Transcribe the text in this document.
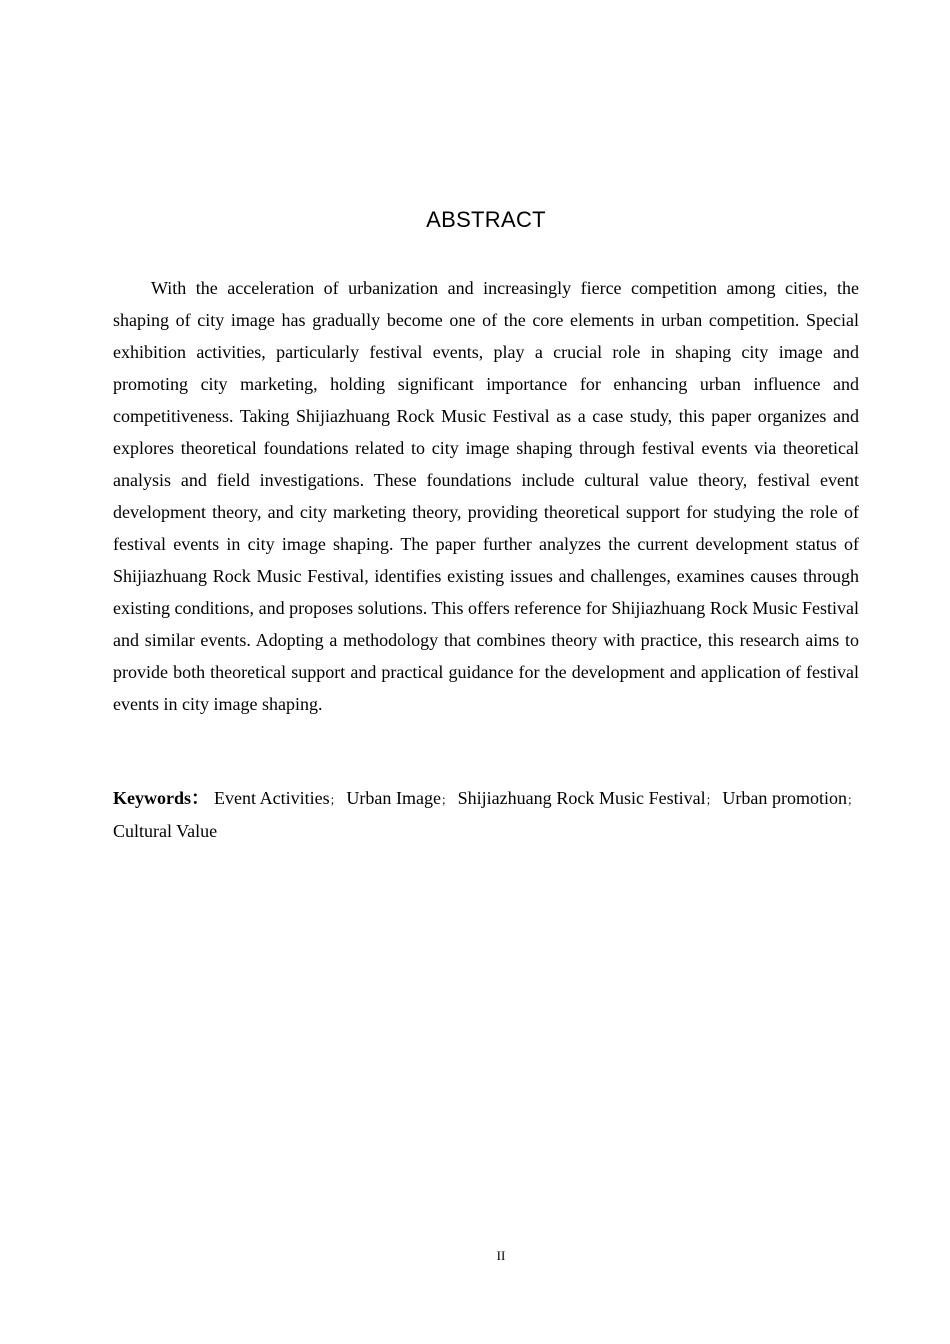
ABSTRACT

With the acceleration of urbanization and increasingly fierce competition among cities, the shaping of city image has gradually become one of the core elements in urban competition. Special exhibition activities, particularly festival events, play a crucial role in shaping city image and promoting city marketing, holding significant importance for enhancing urban influence and competitiveness. Taking Shijiazhuang Rock Music Festival as a case study, this paper organizes and explores theoretical foundations related to city image shaping through festival events via theoretical analysis and field investigations. These foundations include cultural value theory, festival event development theory, and city marketing theory, providing theoretical support for studying the role of festival events in city image shaping. The paper further analyzes the current development status of Shijiazhuang Rock Music Festival, identifies existing issues and challenges, examines causes through existing conditions, and proposes solutions. This offers reference for Shijiazhuang Rock Music Festival and similar events. Adopting a methodology that combines theory with practice, this research aims to provide both theoretical support and practical guidance for the development and application of festival events in city image shaping.

Keywords： Event Activities； Urban Image； Shijiazhuang Rock Music Festival； Urban promotion； Cultural Value

II
